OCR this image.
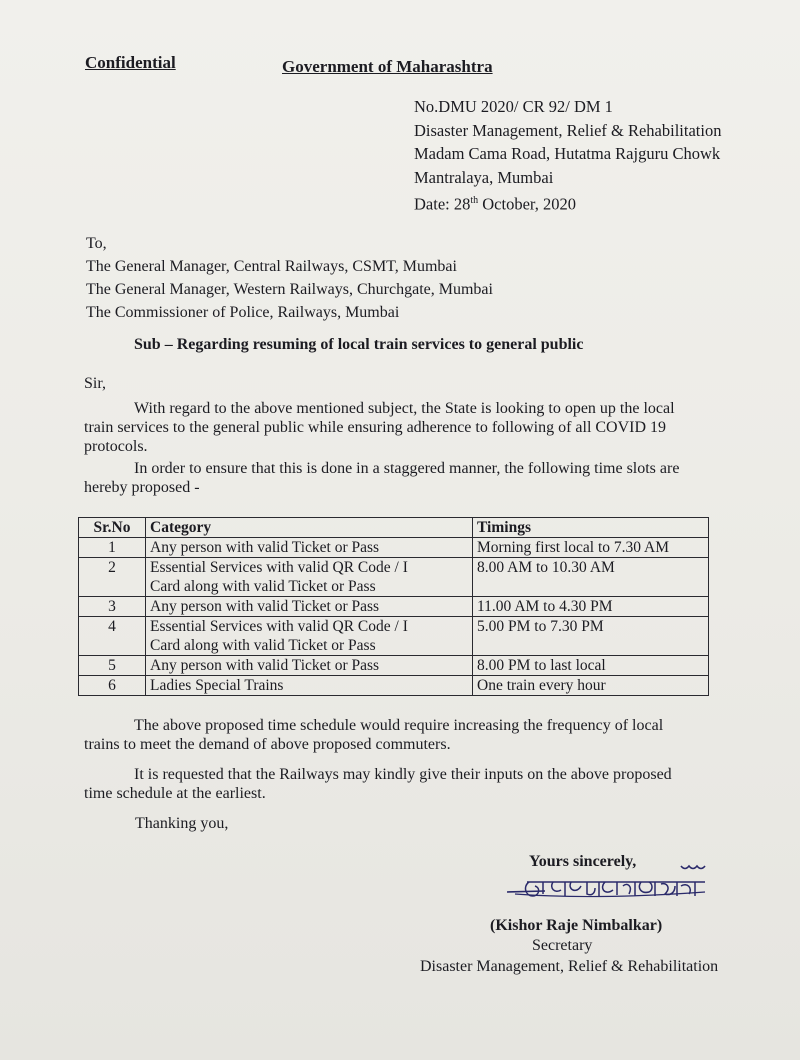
Confidential	Government of Maharashtra
No.DMU 2020/ CR 92/ DM 1
Disaster Management, Relief & Rehabilitation
Madam Cama Road, Hutatma Rajguru Chowk
Mantralaya, Mumbai
Date: 28th October, 2020
To,
The General Manager, Central Railways, CSMT, Mumbai
The General Manager, Western Railways, Churchgate, Mumbai
The Commissioner of Police, Railways, Mumbai
Sub – Regarding resuming of local train services to general public
Sir,
With regard to the above mentioned subject, the State is looking to open up the local
train services to the general public while ensuring adherence to following of all COVID 19
protocols.
In order to ensure that this is done in a staggered manner, the following time slots are
hereby proposed -
Sr.No	Category	Timings
1	Any person with valid Ticket or Pass	Morning first local to 7.30 AM
2	Essential Services with valid QR Code / I
Card along with valid Ticket or Pass	8.00 AM to 10.30 AM
3	Any person with valid Ticket or Pass	11.00 AM to 4.30 PM
4	Essential Services with valid QR Code / I
Card along with valid Ticket or Pass	5.00 PM to 7.30 PM
5	Any person with valid Ticket or Pass	8.00 PM to last local
6	Ladies Special Trains	One train every hour
The above proposed time schedule would require increasing the frequency of local
trains to meet the demand of above proposed commuters.
It is requested that the Railways may kindly give their inputs on the above proposed
time schedule at the earliest.
Thanking you,
Yours sincerely,
(Kishor Raje Nimbalkar)
Secretary
Disaster Management, Relief & Rehabilitation
